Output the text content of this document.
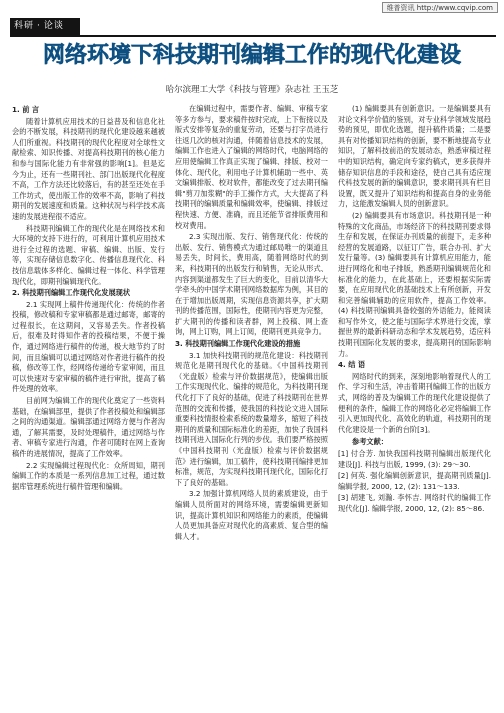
维普资讯 http://www.cqvip.com
科研 · 论谈
网络环境下科技期刊编辑工作的现代化建设
哈尔滨理工大学《科技与管理》杂志社 王玉芝
1. 前 言

随着计算机应用技术的日益普及和信息化社会的不断发展，科技期刊的现代化建设越来越被人们所重视。科技期刊的现代化程度对全球性文献检索、知识传播、对提高科技期刊的核心能力和参与国际化能力有非常强的影响[1]。但是迄今为止，还有一些期刊社、部门出版现代化程度不高，工作方法还比较落后，有的甚至还处在手工作坊式，使出版工作的效率不高，影响了科技期刊的发展速度和质量。这种状况与科学技术高速的发展进程很不适应。

科技期刊编辑工作的现代化是在网络技术和大环境的支持下进行的，可利用计算机应用技术进行全过程的选题、审稿、编辑、出版、发行等，实现存储信息数字化、传播信息现代化、科技信息载体多样化、编辑过程一体化、科学管理现代化，即期刊编辑现代化。

2. 科技期刊编辑工作现代化发展现状

2.1 实现网上稿件传递现代化：传统的作者投稿，修改稿和专家审稿都是通过邮寄，邮寄的过程很长，在这期间，又容易丢失。作者投稿后，很难及时得知作者的投稿结果，不便于操作，通过网络进行稿件的传递，极大地节约了时间，而且编辑可以通过网络对作者进行稿件的投稿，修改等工作，经网络传递给专家审阅，而且可以快速对专家审稿的稿件进行审批，提高了稿件处理的效率。

目前网为编辑工作的现代化奠定了一些资料基础，在编辑部里，提供了作者投稿处和编辑部之间的沟通渠道。编辑部通过网络方便与作者沟通，了解其需要，及时处理稿件，通过网络与作者、审稿专家进行沟通，作者可随时在网上查询稿件的进展情况，提高了工作效率。

2.2 实现编辑过程现代化：众所周知，期刊编辑工作的本质是一系列信息加工过程，通过数据库管理系统进行稿件管理和编辑。

在编辑过程中，需要作者、编辑、审稿专家等多方参与，要求稿件按时完成，上下衔接以及版式安排等复杂的重复劳动，还要与打字员进行往返几次的核对沟通，伴随着信息技术的发展，编辑工作也进入了编辑的网络时代，电脑网络的应用使编辑工作真正实现了编辑、排版、校对一体化、现代化，利用电子计算机辅助一些中、英文编辑排版、校对软件，都能改变了过去期刊编辑"剪刀加浆糊"的手工操作方式，大大提高了科技期刊的编辑质量和编辑效率，使编辑、排版过程快速、方便、准确，而且还能节省排版费用和校对费用。

2.3 实现出版、发行、销售现代化：传统的出版、发行、销售模式为通过邮局唯一的渠道且易丢失，时间长，费用高，随着网络时代的到来，科技期刊的出版发行和销售，无论从形式、内容到渠道都发生了巨大的变化，目前以清华大学牵头的中国学术期刊网络数据库为例，其目的在于增加出版周期，实现信息资源共享，扩大期刊的传播范围，国际性，使期刊内容更为完整，扩大期刊的传播和读者群，网上投稿、网上查询，网上订购，网上订阅，使期刊更具竞争力。

3. 科技期刊编辑工作现代化建设的措施

3.1 加快科技期刊的规范化建设：科技期刊规范化是期刊现代化的基础。《中国科技期刊（光盘版）检索与评价数据规范》，使编辑出版工作实现现代化、编排的规范化，为科技期刊现代化打下了良好的基础，促进了科技期刊在世界范围的交流和传播，使我国的科技论文进入国际重要科技情报检索系统的数量增多，缩短了科技期刊的质量和国际标准化的差距，加快了我国科技期刊进入国际化行列的步伐。我们要严格按照《中国科技期刊（光盘版）检索与评价数据规范》进行编辑，加工稿件，使科技期刊编排更加标准，规范，为实现科技期刊现代化，国际化打下了良好的基础。

3.2 加强计算机网络人员的素质建设，由于编辑人员所面对的网络环境，需要编辑更新知识，提高计算机知识和网络能力的素质，使编辑人员更加具备应对现代化的高素质、复合型的编辑人才。

(1) 编辑要具有创新意识。一是编辑要具有对论文科学价值的鉴别，对专业科学领域发展趋势的预见，即优化选题，提升稿件质量；二是要具有对传播知识结构的创新，要不断地提高专业知识，了解科技前沿的发展动态，熟悉审稿过程中的知识结构，确定向专家约稿式，更多获得并储存知识信息的手段和途径，使自己具有适应现代科技发展的新的编辑意识，要求期刊具有栏目设置，既又提升了知识结构和提高自身的业务能力，这能激发编辑人员的创新意识。

(2) 编辑要具有市场意识。科技期刊是一种特殊的文化商品，市场经济下的科技期刊要求得生存和发展，在保证办刊质量的前提下，走多种经营的发展道路，以征订广告，联合办刊、扩大发行量等。(3) 编辑要具有计算机应用能力，能进行网络化和电子排版，熟悉期刊编辑规范化和标准化的能力，在此基础上，还要根据实际需要，在应用现代化的基础技术上有所创新，开发和完善编辑辅助的应用软件，提高工作效率。(4) 科技期刊编辑具备较强的外语能力，能阅读和写作外文，使之能与国际学术界进行交流，掌握世界的最新科研动态和学术发展趋势，适应科技期刊国际化发展的要求，提高期刊的国际影响力。

4. 结 语

网络时代的到来，深刻地影响着现代人的工作、学习和生活，冲击着期刊编辑工作的出版方式，网络的普及为编辑工作的现代化建设提供了便利的条件，编辑工作的网络化必定将编辑工作引入更加现代化、高效化的轨道，科技期刊的现代化建设是一个新的台阶[3]。

参考文献：

[1] 付合芳. 加快我国科技期刊编辑出版现代化建设[J]. 科技与出版, 1999, (3): 29～30.

[2] 何英. 强化编辑创新意识，提高期刊质量[J]. 编辑学报, 2000, 12, (2): 131～133.

[3] 胡建飞, 刘瀚. 李怀吉. 网络时代的编辑工作现代化[J]. 编辑学报, 2000, 12, (2): 85～86.
